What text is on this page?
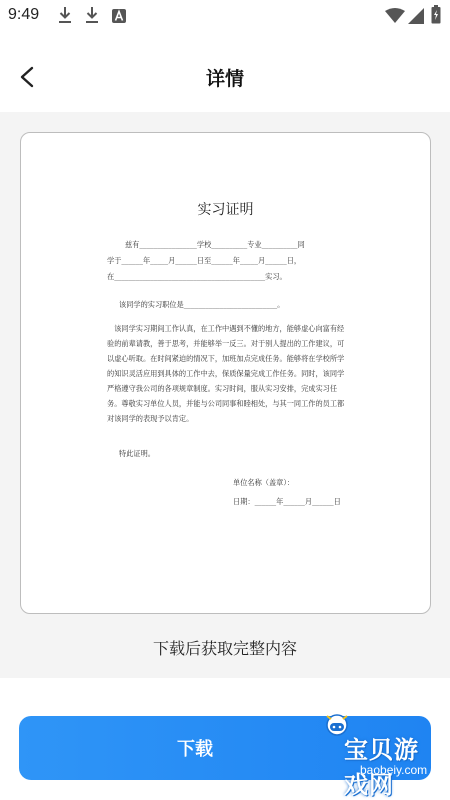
9:49
详情
实习证明
兹有________________学校__________专业__________同
学于______年_____月______日至______年_____月______日，
在__________________________________________实习。
该同学的实习职位是__________________________。
该同学实习期间工作认真，在工作中遇到不懂的地方，能够虚心向富有经验的前辈请教，善于思考，并能够举一反三。对于别人提出的工作建议，可以虚心听取。在时间紧迫的情况下，加班加点完成任务。能够将在学校所学的知识灵活应用到具体的工作中去，保质保量完成工作任务。同时，该同学严格遵守我公司的各项规章制度。实习时间，服从实习安排，完成实习任务。尊敬实习单位人员，并能与公司同事和睦相处，与其一同工作的员工都对该同学的表现予以肯定。
特此证明。
单位名称（盖章）：
日期：______年______月______日
下载后获取完整内容
下载	宝贝游戏网
baobeiy.com
